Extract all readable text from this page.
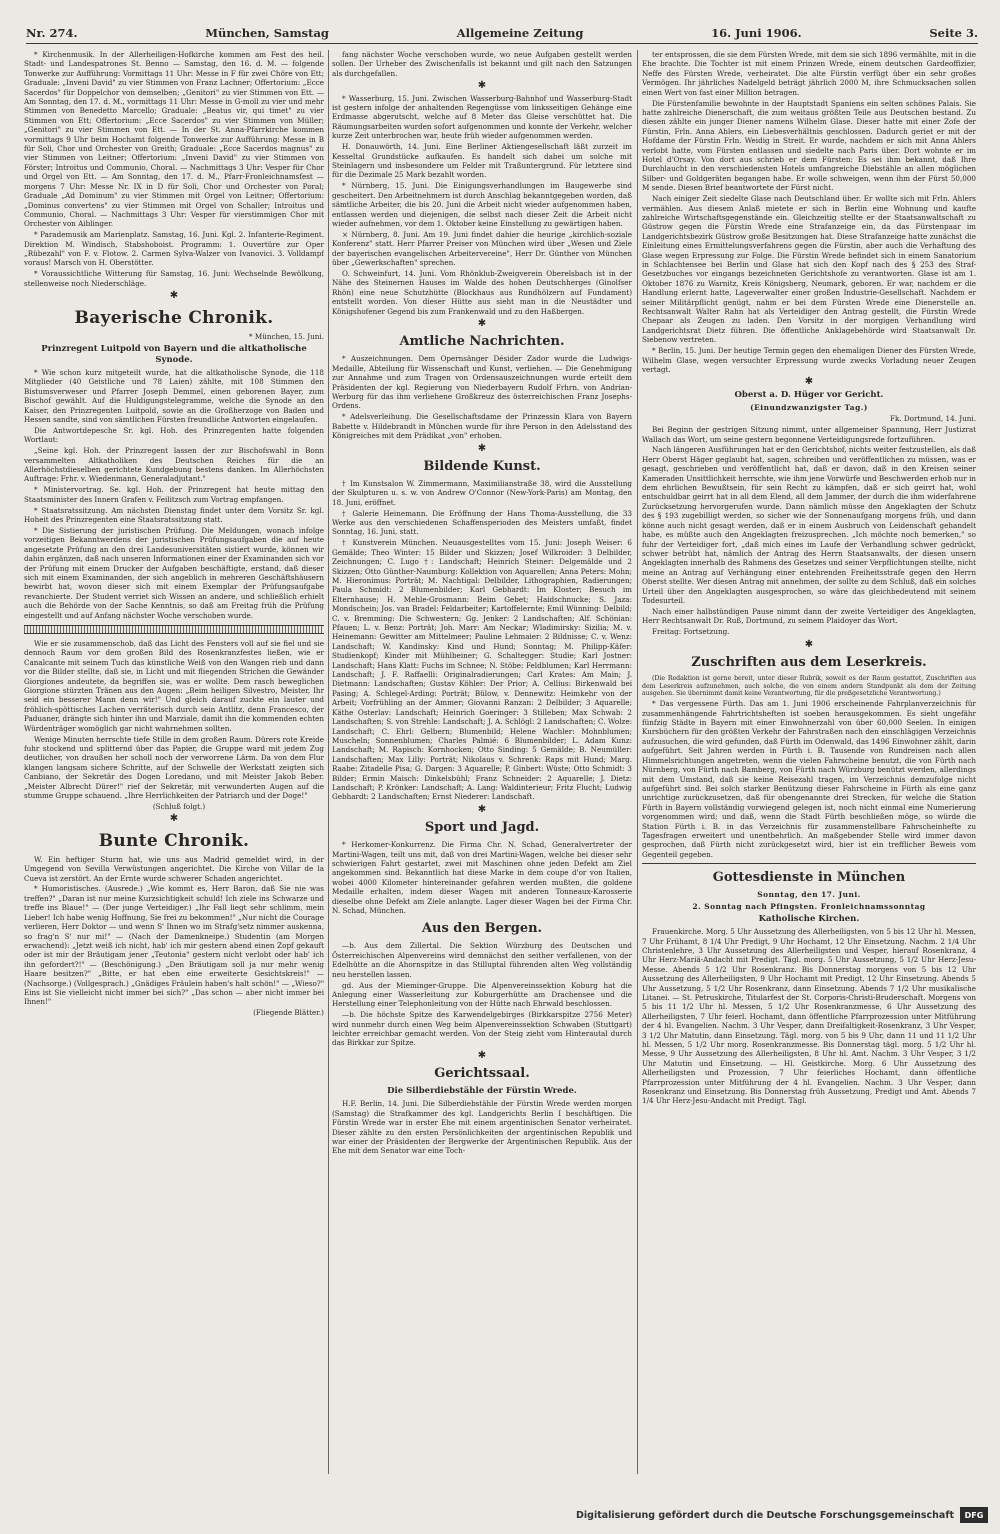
Nr. 274.	München, Samstag	Allgemeine Zeitung	16. Juni 1906.	Seite 3.

* Kirchenmusik. In der Allerheiligen-Hofkirche kommen am Fest des heil. Stadt- und Landespatrones St. Benno — Samstag, den 16. d. M. — folgende Tonwerke zur Aufführung: Vormittags 11 Uhr: Messe in F für zwei Chöre von Ett; Graduale: „Inveni David" zu vier Stimmen von Franz Lachner; Offertorium: „Ecce Sacerdos" für Doppelchor von demselben; „Genitori" zu vier Stimmen von Ett. — Am Sonntag, den 17. d. M., vormittags 11 Uhr: Messe in G-moll zu vier und mehr Stimmen von Benedetto Marcello; Graduale: „Beatus vir, qui timet" zu vier Stimmen von Ett; Offertorium: „Ecce Sacerdos" zu vier Stimmen von Müller; „Genitori" zu vier Stimmen von Ett. — In der St. Anna-Pfarrkirche kommen vormittags 9 Uhr beim Hochamt folgende Tonwerke zur Aufführung: Messe in B für Soli, Chor und Orchester von Greith; Graduale: „Ecce Sacerdos magnus" zu vier Stimmen von Leitner; Offertorium: „Inveni David" zu vier Stimmen von Förster; Introitus und Communio, Choral. — Nachmittags 3 Uhr: Vesper für Chor und Orgel von Ett. — Am Sonntag, den 17. d. M., Pfarr-Fronleichnamsfest — morgens 7 Uhr: Messe Nr. IX in D für Soli, Chor und Orchester von Poral; Graduale „Ad Dominum" zu vier Stimmen mit Orgel von Leitner; Offertorium: „Dominus convertens" zu vier Stimmen mit Orgel von Schaller; Introitus und Communio, Choral. — Nachmittags 3 Uhr: Vesper für vierstimmigen Chor mit Orchester von Aiblinger.

* Parademusik am Marienplatz. Samstag, 16. Juni. Kgl. 2. Infanterie-Regiment. Direktion M. Windisch, Stabshoboist. Programm: 1. Ouvertüre zur Oper „Rübezahl" von F. v. Flotow. 2. Carmen Sylva-Walzer von Ivanovici. 3. Volldampf voraus! Marsch von H. Oberstötter.

* Voraussichtliche Witterung für Samstag, 16. Juni: Wechselnde Bewölkung, stellenweise noch Niederschläge.

✱
Bayerische Chronik.

* München, 15. Juni.

Prinzregent Luitpold von Bayern und die altkatholische Synode.

* Wie schon kurz mitgeteilt wurde, hat die altkatholische Synode, die 118 Mitglieder (40 Geistliche und 78 Laien) zählte, mit 108 Stimmen den Bistumsverweser und Pfarrer Joseph Demmel, einen geborenen Bayer, zum Bischof gewählt. Auf die Huldigungstelegramme, welche die Synode an den Kaiser, den Prinzregenten Luitpold, sowie an die Großherzoge von Baden und Hessen sandte, sind von sämtlichen Fürsten freundliche Antworten eingelaufen.

Die Antwortdepesche Sr. kgl. Hoh. des Prinzregenten hatte folgenden Wortlaut:

„Seine kgl. Hoh. der Prinzregent lassen der zur Bischofswahl in Bonn versammelten Altkatholiken des Deutschen Reiches für die an Allerhöchstdieselben gerichtete Kundgebung bestens danken. Im Allerhöchsten Auftrage: Frhr. v. Wiedenmann, Generaladjutant."

* Ministervortrag. Se. kgl. Hoh. der Prinzregent hat heute mittag den Staatsminister des Innern Grafen v. Feilitzsch zum Vortrag empfangen.

* Staatsratssitzung. Am nächsten Dienstag findet unter dem Vorsitz Sr. kgl. Hoheit des Prinzregenten eine Staatsratssitzung statt.

* Die Sistierung der juristischen Prüfung. Die Meldungen, wonach infolge vorzeitigen Bekanntwerdens der juristischen Prüfungsaufgaben die auf heute angesetzte Prüfung an den drei Landesuniversitäten sistiert wurde, können wir dahin ergänzen, daß nach unseren Informationen einer der Examinanden sich vor der Prüfung mit einem Drucker der Aufgaben beschäftigte, erstand, daß dieser sich mit einem Examinanden, der sich angeblich in mehreren Geschäftshäusern bewirbt hat, wovon dieser sich mit einem Exemplar der Prüfungsaufgabe revanchierte. Der Student verriet sich Wissen an andere, und schließlich erhielt auch die Behörde von der Sache Kenntnis, so daß am Freitag früh die Prüfung eingestellt und auf Anfang nächster Woche verschoben wurde.

Wie er sie zusammenschob, daß das Licht des Fensters voll auf sie fiel und sie dennoch Raum vor dem großen Bild des Rosenkranzfestes ließen, wie er Canalcante mit seinem Tuch das künstliche Weiß von den Wangen rieb und dann vor die Bilder stellte, daß sie, in Licht und mit fliegenden Strichen die Gewänder Giorgiones andeutete, da begriffen sie, was er wollte. Dem rasch beweglichen Giorgione stürzten Tränen aus den Augen: „Beim heiligen Silvestro, Meister, Ihr seid ein besserer Mann denn wir!" Und gleich darauf zuckte ein lauter und fröhlich-spöttisches Lachen verräterisch durch sein Antlitz, denn Francesco, der Paduaner, drängte sich hinter ihn und Marziale, damit ihn die kommenden echten Würdenträger womöglich gar nicht wahrnehmen sollten.

Wenige Minuten herrschte tiefe Stille in dem großen Raum. Dürers rote Kreide fuhr stockend und splitternd über das Papier, die Gruppe ward mit jedem Zug deutlicher, von draußen her scholl noch der verworrene Lärm. Da von dem Flur klangen langsam sichere Schritte, auf der Schwelle der Werkstatt zeigten sich Canbiano, der Sekretär des Dogen Loredano, und mit Meister Jakob Beber. „Meister Albrecht Dürer!" rief der Sekretär, mit verwunderten Augen auf die stumme Gruppe schauend. „Ihre Herrlichkeiten der Patriarch und der Doge!"

(Schluß folgt.)

✱
Bunte Chronik.

W. Ein heftiger Sturm hat, wie uns aus Madrid gemeldet wird, in der Umgegend von Sevilla Verwüstungen angerichtet. Die Kirche von Villar de la Cueva ist zerstört. An der Ernte wurde schwerer Schaden angerichtet.

* Humoristisches. (Ausrede.) „Wie kommt es, Herr Baron, daß Sie nie was treffen?" „Daran ist nur meine Kurzsichtigkeit schuld! Ich ziele ins Schwarze und treffe ins Blaue!" — (Der junge Verteidiger.) „Ihr Fall liegt sehr schlimm, mein Lieber! Ich habe wenig Hoffnung, Sie frei zu bekommen!" „Nur nicht die Courage verlieren, Herr Doktor — und wenn S' Ihnen wo im Strafg'setz nimmer auskenna, so frag'n S' nur mi!" — (Nach der Damenkneipe.) Studentin (am Morgen erwachend): „Jetzt weiß ich nicht, hab' ich mir gestern abend einen Zopf gekauft oder ist mir der Bräutigam jener „Teutonia" gestern nicht verlobt oder hab' ich ihn gefordert?!" — (Beschönigung.) „Den Bräutigam soll ja nur mehr wenig Haare besitzen?" „Bitte, er hat eben eine erweiterte Gesichtskreis!" — (Nachsorge.) (Vollgesprach.) „Gnädiges Fräulein haben's halt schön!" — „Wieso?" Eins ist Sie vielleicht nicht immer bei sich?" „Das schon — aber nicht immer bei Ihnen!"

(Fliegende Blätter.)

fang nächster Woche verschoben wurde, wo neue Aufgaben gestellt werden sollen. Der Urheber des Zwischenfalls ist bekannt und gilt nach den Satzungen als durchgefallen.

✱

* Wasserburg, 15. Juni. Zwischen Wasserburg-Bahnhof und Wasserburg-Stadt ist gestern infolge der anhaltenden Regengüsse vom linksseitigen Gehänge eine Erdmasse abgerutscht, welche auf 8 Meter das Gleise verschüttet hat. Die Räumungsarbeiten wurden sofort aufgenommen und konnte der Verkehr, welcher kurze Zeit unterbrochen war, heute früh wieder aufgenommen werden.

H. Donauwörth, 14. Juni. Eine Berliner Aktiengesellschaft läßt zurzeit im Kesseltal Grundstücke aufkaufen. Es handelt sich dabei um solche mit Steinlagern und insbesondere um Felder mit Traßuntergrund. Für letztere sind für die Dezimale 25 Mark bezahlt worden.

* Nürnberg, 15. Juni. Die Einigungsverhandlungen im Baugewerbe sind gescheitert. Den Arbeitnehmern ist durch Anschlag bekanntgegeben worden, daß sämtliche Arbeiter, die bis 20. Juni die Arbeit nicht wieder aufgenommen haben, entlassen werden und diejenigen, die selbst nach dieser Zeit die Arbeit nicht wieder aufnehmen, vor dem 1. Oktober keine Einstellung zu gewärtigen haben.

× Nürnberg, 8. Juni. Am 19. Juni findet dahier die heurige „kirchlich-soziale Konferenz" statt. Herr Pfarrer Preiser von München wird über „Wesen und Ziele der bayerischen evangelischen Arbeitervereine", Herr Dr. Günther von München über „Gewerkschaften" sprechen.

O. Schweinfurt, 14. Juni. Vom Rhönklub-Zweigverein Oberelsbach ist in der Nähe des Steinernen Hauses im Walde des hohen Deutschherges (Ginolfser Rhön) eine neue Schutzhütte (Blockhaus aus Rundhölzern auf Fundament) entstellt worden. Von dieser Hütte aus sieht man in die Neustädter und Königshofener Gegend bis zum Frankenwald und zu den Haßbergen.

✱
Amtliche Nachrichten.

* Auszeichnungen. Dem Opernsänger Désider Zador wurde die Ludwigs-Medaille, Abteilung für Wissenschaft und Kunst, verliehen. — Die Genehmigung zur Annahme und zum Tragen von Ordensauszeichnungen wurde erteilt dem Präsidenten der kgl. Regierung von Niederbayern Rudolf Frhrn. von Andrian-Werburg für das ihm verliehene Großkreuz des österreichischen Franz Josephs-Ordens.

* Adelsverleihung. Die Gesellschaftsdame der Prinzessin Klara von Bayern Babette v. Hildebrandt in München wurde für ihre Person in den Adelsstand des Königreiches mit dem Prädikat „von" erhoben.

✱
Bildende Kunst.

† Im Kunstsalon W. Zimmermann, Maximilianstraße 38, wird die Ausstellung der Skulpturen u. s. w. von Andrew O'Connor (New-York-Paris) am Montag, den 18. Juni, eröffnet.

† Galerie Heinemann. Die Eröffnung der Hans Thoma-Ausstellung, die 33 Werke aus den verschiedenen Schaffensperioden des Meisters umfaßt, findet Sonntag, 16. Juni, statt.

† Kunstverein München. Neuausgestelltes vom 15. Juni: Joseph Weiser: 6 Gemälde; Theo Winter: 15 Bilder und Skizzen; Josef Wilkroider: 3 Delbilder, Zeichnungen; C. Lugo †: Landschaft; Heinrich Steiner: Delgemälde und 2 Skizzen; Otto Günther-Naumburg: Kollektion von Aquarellen; Anna Peters: Mohn; M. Hieronimus: Porträt; M. Nachtigal: Delbilder, Lithographien, Radierungen; Paula Schmidt: 2 Blumenbilder; Karl Gebhardt: Im Kloster; Besuch im Elternhause; H. Mehle-Grosmann: Beim Gebet; Haidschnucke; S. Jaza: Mondschein; Jos. van Bradel: Feldarbeiter; Kartoffelernte; Emil Wünning: Delbild; C. v. Bremming: Die Schwestern; Gg. Jenker: 2 Landschaften; Alf. Schönian: Pfauen; L. v. Benz: Porträt; Joh. Marr: Am Neckar; Wladimirsky: Sizilia; M. v. Heinemann: Gewitter am Mittelmeer; Pauline Lehmaier: 2 Bildnisse; C. v. Wenz: Landschaft; W. Kandinsky: Kind und Hund; Sonntag; M. Philipp-Käfer: Studienkopf; Kinder mit Mühlbeiner; G. Schaltegger: Studie; Karl Jostner: Landschaft; Hans Klatt: Fuchs im Schnee; N. Stöbe: Feldblumen; Karl Herrmann: Landschaft; J. F. Raffaelli: Originalradierungen; Carl Krates: Am Main; J. Dietmann: Landschaften; Gustav Köhler: Der Prior; A. Cellius: Birkenwald bei Pasing; A. Schlegel-Arding: Porträt; Bülow, v. Dennewitz: Heimkehr von der Arbeit; Vorfrühling an der Ammer; Giovanni Ranzan: 2 Delbilder; 3 Aquarelle; Käthe Osterlav: Landschaft; Heinrich Goeringer: 3 Stilleben; Max Schwab: 2 Landschaften; S. von Strehle: Landschaft; J. A. Schlögl: 2 Landschaften; C. Wolze: Landschaft; C. Ehrl: Gelbern; Blumenbild; Helene Wachler: Mohnblumen; Muscheln; Sonnenblumen; Charles Palmié: 6 Blumenbilder; L. Adam Kunz: Landschaft; M. Rapisch: Kornhocken; Otto Sinding: 5 Gemälde; B. Neumüller: Landschaften; Max Lilly: Porträt; Nikolaus v. Schrenk: Raps mit Hund; Marg. Raabe: Zitadelle Pisa; G. Dargen: 3 Aquarelle; P. Ginbert: Wüste; Otto Schmidt: 3 Bilder; Ermin Maisch: Dinkelsbühl; Franz Schneider: 2 Aquarelle; J. Dietz: Landschaft; P. Krönker: Landschaft; A. Lang: Waldinterieur; Fritz Flucht; Ludwig Gebhardt: 2 Landschaften; Ernst Niederer: Landschaft.

✱
Sport und Jagd.

* Herkomer-Konkurrenz. Die Firma Chr. N. Schad, Generalvertreter der Martini-Wagen, teilt uns mit, daß von drei Martini-Wagen, welche bei dieser sehr schwierigen Fahrt gestartet, zwei mit Maschinen ohne jeden Defekt am Ziel angekommen sind. Bekanntlich hat diese Marke in dem coupe d'or von Italien, wobei 4000 Kilometer hintereinander gefahren werden mußten, die goldene Medaille erhalten, indem dieser Wagen mit anderen Tonneaux-Karosserie dieselbe ohne Defekt am Ziele anlangte. Lager dieser Wagen bei der Firma Chr. N. Schad, München.

Aus den Bergen.

—b. Aus dem Zillertal. Die Sektion Würzburg des Deutschen und Österreichischen Alpenvereins wird demnächst den seither verfallenen, von der Edelhütte an die Ahornspitze in das Stilluptal führenden alten Weg vollständig neu herstellen lassen.

gd. Aus der Mieminger-Gruppe. Die Alpenvereinssektion Koburg hat die Anlegung einer Wasserleitung zur Koburgerhütte am Drachensee und die Herstellung einer Telephonleitung von der Hütte nach Ehrwald beschlossen.

—b. Die höchste Spitze des Karwendelgebirges (Birkkarspitze 2756 Meter) wird nunmehr durch einen Weg beim Alpenvereinssektion Schwaben (Stuttgart) leichter erreichbar gemacht werden. Von der Steig zieht vom Hinterautal durch das Birkkar zur Spitze.

✱
Gerichtssaal.
Die Silberdiebstähle der Fürstin Wrede.

H.F. Berlin, 14. Juni. Die Silberdiebstähle der Fürstin Wrede werden morgen (Samstag) die Strafkammer des kgl. Landgerichts Berlin I beschäftigen. Die Fürstin Wrede war in erster Ehe mit einem argentinischen Senator verheiratet. Dieser zählte zu den ersten Persönlichkeiten der argentinischen Republik und war einer der Präsidenten der Bergwerke der Argentinischen Republik. Aus der Ehe mit dem Senator war eine Toch-

ter entsprossen, die sie dem Fürsten Wrede, mit dem sie sich 1896 vermählte, mit in die Ehe brachte. Die Tochter ist mit einem Prinzen Wrede, einem deutschen Gardeoffizier, Neffe des Fürsten Wrede, verheiratet. Die alte Fürstin verfügt über ein sehr großes Vermögen. Ihr jährliches Nadelgeld beträgt jährlich 2000 M, ihre Schmucksachen sollen einen Wert von fast einer Million betragen.

Die Fürstenfamilie bewohnte in der Hauptstadt Spaniens ein selten schönes Palais. Sie hatte zahlreiche Dienerschaft, die zum weitaus größten Teile aus Deutschen bestand. Zu diesen zählte ein junger Diener namens Wilhelm Glase. Dieser hatte mit einer Zofe der Fürstin, Frln. Anna Ahlers, ein Liebesverhältnis geschlossen. Dadurch geriet er mit der Hofdame der Fürstin Frln. Weidig in Streit. Er wurde, nachdem er sich mit Anna Ahlers verlobt hatte, vom Fürsten entlassen und siedelte nach Paris über. Dort wohnte er im Hotel d'Orsay. Von dort aus schrieb er dem Fürsten: Es sei ihm bekannt, daß Ihre Durchlaucht in den verschiedensten Hotels umfangreiche Diebstähle an allen möglichen Silber- und Goldgeräten begangen habe. Er wolle schweigen, wenn ihm der Fürst 50,000 M sende. Diesen Brief beantwortete der Fürst nicht.

Nach einiger Zeit siedelte Glase nach Deutschland über. Er wollte sich mit Frln. Ahlers vermählen. Aus diesem Anlaß mietete er sich in Berlin eine Wohnung und kaufte zahlreiche Wirtschaftsgegenstände ein. Gleichzeitig stellte er der Staatsanwaltschaft zu Güstrow gegen die Fürstin Wrede eine Strafanzeige ein, da das Fürstenpaar im Landgerichtsbezirk Güstrow große Besitzungen hat. Diese Strafanzeige hatte zunächst die Einleitung eines Ermittelungsverfahrens gegen die Fürstin, aber auch die Verhaftung des Glase wegen Erpressung zur Folge. Die Fürstin Wrede befindet sich in einem Sanatorium in Schlachtensee bei Berlin und Glase hat sich den Kopf nach des § 253 des Straf-Gesetzbuches vor eingangs bezeichneten Gerichtshofe zu verantworten. Glase ist am 1. Oktober 1876 zu Warnitz, Kreis Königsberg, Neumark, geboren. Er war, nachdem er die Handlung erlernt hatte, Lageverwalter einer großen Industrie-Gesellschaft. Nachdem er seiner Militärpflicht genügt, nahm er bei dem Fürsten Wrede eine Dienerstelle an. Rechtsanwalt Walter Rahn hat als Verteidiger den Antrag gestellt, die Fürstin Wrede Chepaar als Zeugen zu laden. Den Vorsitz in der morgigen Verhandlung wird Landgerichtsrat Dietz führen. Die öffentliche Anklagebehörde wird Staatsanwalt Dr. Siebenow vertreten.

* Berlin, 15. Juni. Der heutige Termin gegen den ehemaligen Diener des Fürsten Wrede, Wilhelm Glase, wegen versuchter Erpressung wurde zwecks Vorladung neuer Zeugen vertagt.

✱
Oberst a. D. Hüger vor Gericht.
(Einundzwanzigster Tag.)

Fk. Dortmund, 14. Juni.

Bei Beginn der gestrigen Sitzung nimmt, unter allgemeiner Spannung, Herr Justizrat Wallach das Wort, um seine gestern begonnene Verteidigungsrede fortzuführen.

Nach längeren Ausführungen hat er den Gerichtshof, nichts weiter festzustellen, als daß Herr Oberst Häger geglaubt hat, sagen, schreiben und veröffentlichen zu müssen, was er gesagt, geschrieben und veröffentlicht hat, daß er davon, daß in den Kreisen seiner Kameraden Unsittlichkeit herrschte, wie ihm jene Vorwürfe und Beschwerden erhob nur in dem ehrlichen Bewußtsein, für sein Recht zu kämpfen, daß er sich geirrt hat, wohl entschuldbar geirrt hat in all dem Elend, all dem Jammer, der durch die ihm widerfahrene Zurücksetzung hervorgerufen wurde. Dann nämlich müsse den Angeklagten der Schutz des § 193 zugebilligt werden, so sicher wie der Sonnenaufgang morgens früh, und dann könne auch nicht gesagt werden, daß er in einem Ausbruch von Leidenschaft gehandelt habe, es müßte auch den Angeklagten freizusprechen. „Ich möchte noch bemerken," so fuhr der Verteidiger fort, „daß mich eines im Laufe der Verhandlung schwer gedrückt, schwer betrübt hat, nämlich der Antrag des Herrn Staatsanwalts, der diesen unsern Angeklagten innerhalb des Rahmens des Gesetzes und seiner Verpflichtungen stellte, nicht meine an Antrag auf Verhängung einer entehrenden Freiheitsstrafe gegen den Herrn Oberst stellte. Wer diesen Antrag mit annehmen, der sollte zu dem Schluß, daß ein solches Urteil über den Angeklagten ausgesprochen, so wäre das gleichbedeutend mit seinem Todesurteil.

Nach einer halbstündigen Pause nimmt dann der zweite Verteidiger des Angeklagten, Herr Rechtsanwalt Dr. Ruß, Dortmund, zu seinem Plaidoyer das Wort.

Freitag: Fortsetzung.

✱
Zuschriften aus dem Leserkreis.

(Die Redaktion ist gerne bereit, unter dieser Rubrik, soweit es der Raum gestattet, Zuschriften aus dem Leserkreis aufzunehmen, auch solche, die von einem andern Standpunkt als dem der Zeitung ausgehen. Sie übernimmt damit keine Verantwortung, für die preßgesetzliche Verantwortung.)

* Das vergessene Fürth. Das am 1. Juni 1906 erscheinende Fahrplanverzeichnis für zusammenhängende Fahrtrichtsheften ist soeben herausgekommen. Es sieht ungefähr fünfzig Städte in Bayern mit einer Einwohnerzahl von über 60,000 Seelen. In einigen Kursbüchern für den größten Verkehr der Fahrstraßen nach den einschlägigen Verzeichnis aufzusuchen, die wird gefunden, daß Fürth im Odenwald, das 1496 Einwohner zählt, darin aufgeführt. Seit Jahren werden in Fürth i. B. Tausende von Rundreisen nach allen Himmelsrichtungen angetreten, wenn die vielen Fahrscheine benutzt, die von Fürth nach Nürnberg, von Fürth nach Bamberg, von Fürth nach Würzburg benützt werden, allerdings mit dem Umstand, daß sie keine Reisezahl tragen, im Verzeichnis demzufolge nicht aufgeführt sind. Bei solch starker Benützung dieser Fahrscheine in Fürth als eine ganz unrichtige zurückzusetzen, daß für obengenannte drei Strecken, für welche die Station Fürth in Bayern vollständig vorwiegend gelegen ist, noch nicht einmal eine Numerierung vorgenommen wird; und daß, wenn die Stadt Fürth beschließen möge, so würde die Station Fürth i. B. in das Verzeichnis für zusammenstellbare Fahrscheinhefte zu Tagesfragen erweitert und unentbehrlich. An maßgebender Stelle wird immer davon gesprochen, daß Fürth nicht zurückgesetzt wird, hier ist ein trefflicher Beweis vom Gegenteil gegeben.

Gottesdienste in München
Sonntag, den 17. Juni.
2. Sonntag nach Pfingsten. Fronleichnamssonntag
Katholische Kirchen.

Frauenkirche. Morg. 5 Uhr Aussetzung des Allerheiligsten, von 5 bis 12 Uhr hl. Messen, 7 Uhr Frühamt, 8 1/4 Uhr Predigt, 9 Uhr Hochamt, 12 Uhr Einsetzung. Nachm. 2 1/4 Uhr Christenlehre, 3 Uhr Aussetzung des Allerheiligsten und Vesper, hierauf Rosenkranz, 4 Uhr Herz-Mariä-Andacht mit Predigt. Tägl. morg. 5 Uhr Aussetzung, 5 1/2 Uhr Herz-Jesu-Messe. Abends 5 1/2 Uhr Rosenkranz. Bis Donnerstag morgens von 5 bis 12 Uhr Aussetzung des Allerheiligsten, 9 Uhr Hochamt mit Predigt, 12 Uhr Einsetzung. Abends 5 Uhr Aussetzung, 5 1/2 Uhr Rosenkranz, dann Einsetzung. Abends 7 1/2 Uhr musikalische Litanei. — St. Petruskirche, Titularfest der St. Corporis-Christi-Bruderschaft. Morgens von 5 bis 11 1/2 Uhr hl. Messen, 5 1/2 Uhr Rosenkranzmesse, 6 Uhr Aussetzung des Allerheiligsten, 7 Uhr feierl. Hochamt, dann öffentliche Pfarrprozession unter Mitführung der 4 hl. Evangelien. Nachm. 3 Uhr Vesper, dann Dreifaltigkeit-Rosenkranz, 3 Uhr Vesper, 3 1/2 Uhr Matutin, dann Einsetzung. Tägl. morg. von 5 bis 9 Uhr, dann 11 und 11 1/2 Uhr hl. Messen, 5 1/2 Uhr morg. Rosenkranzmesse. Bis Donnerstag tägl. morg. 5 1/2 Uhr hl. Messe, 9 Uhr Aussetzung des Allerheiligsten, 8 Uhr hl. Amt. Nachm. 3 Uhr Vesper, 3 1/2 Uhr Matutin und Einsetzung. — Hl. Geistkirche. Morg. 6 Uhr Aussetzung des Allerheiligsten und Prozession, 7 Uhr feierliches Hochamt, dann öffentliche Pfarrprozession unter Mitführung der 4 hl. Evangelien. Nachm. 3 Uhr Vesper, dann Rosenkranz und Einsetzung. Bis Donnerstag früh Aussetzung, Predigt und Amt. Abends 7 1/4 Uhr Herz-Jesu-Andacht mit Predigt. Tägl.

Digitalisierung gefördert durch die Deutsche Forschungsgemeinschaft	DFG
